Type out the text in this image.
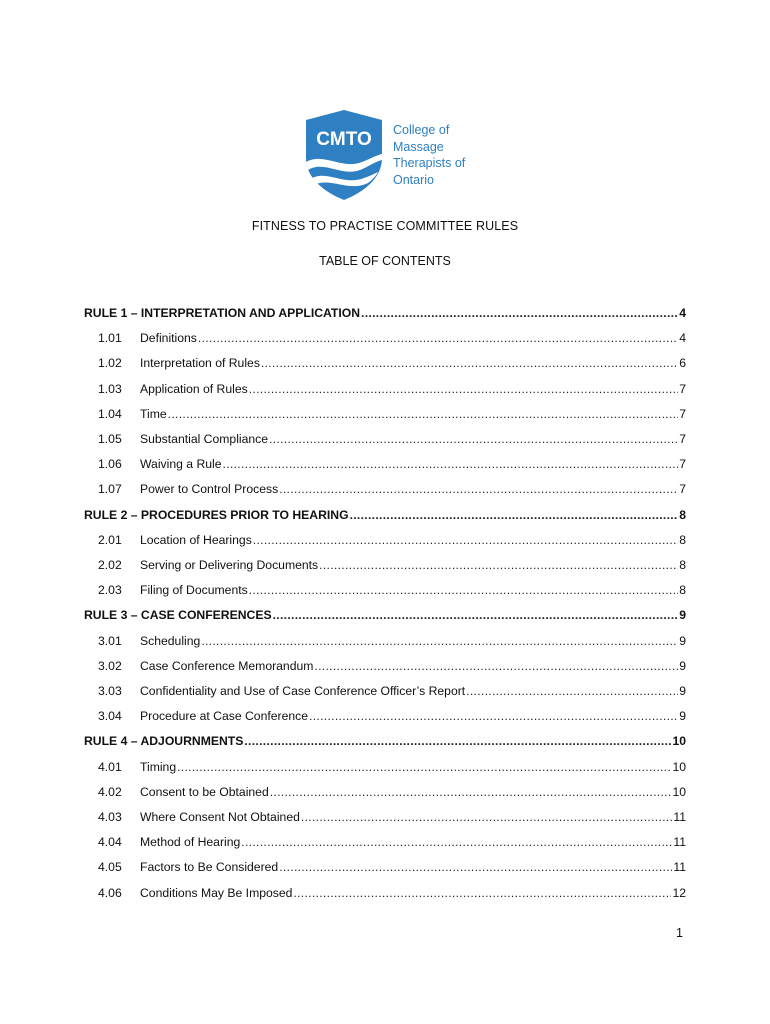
CMTO College of
Massage
Therapists of
Ontario
FITNESS TO PRACTISE COMMITTEE RULES
TABLE OF CONTENTS
RULE 1 – INTERPRETATION AND APPLICATION .....	4
1.01	Definitions .....	4
1.02	Interpretation of Rules .....	6
1.03	Application of Rules .....	7
1.04	Time .....	7
1.05	Substantial Compliance .....	7
1.06	Waiving a Rule .....	7
1.07	Power to Control Process .....	7
RULE 2 – PROCEDURES PRIOR TO HEARING .....	8
2.01	Location of Hearings .....	8
2.02	Serving or Delivering Documents .....	8
2.03	Filing of Documents .....	8
RULE 3 – CASE CONFERENCES .....	9
3.01	Scheduling .....	9
3.02	Case Conference Memorandum .....	9
3.03	Confidentiality and Use of Case Conference Officer’s Report .....	9
3.04	Procedure at Case Conference .....	9
RULE 4 – ADJOURNMENTS .....	10
4.01	Timing .....	10
4.02	Consent to be Obtained .....	10
4.03	Where Consent Not Obtained .....	11
4.04	Method of Hearing .....	11
4.05	Factors to Be Considered .....	11
4.06	Conditions May Be Imposed .....	12
1
